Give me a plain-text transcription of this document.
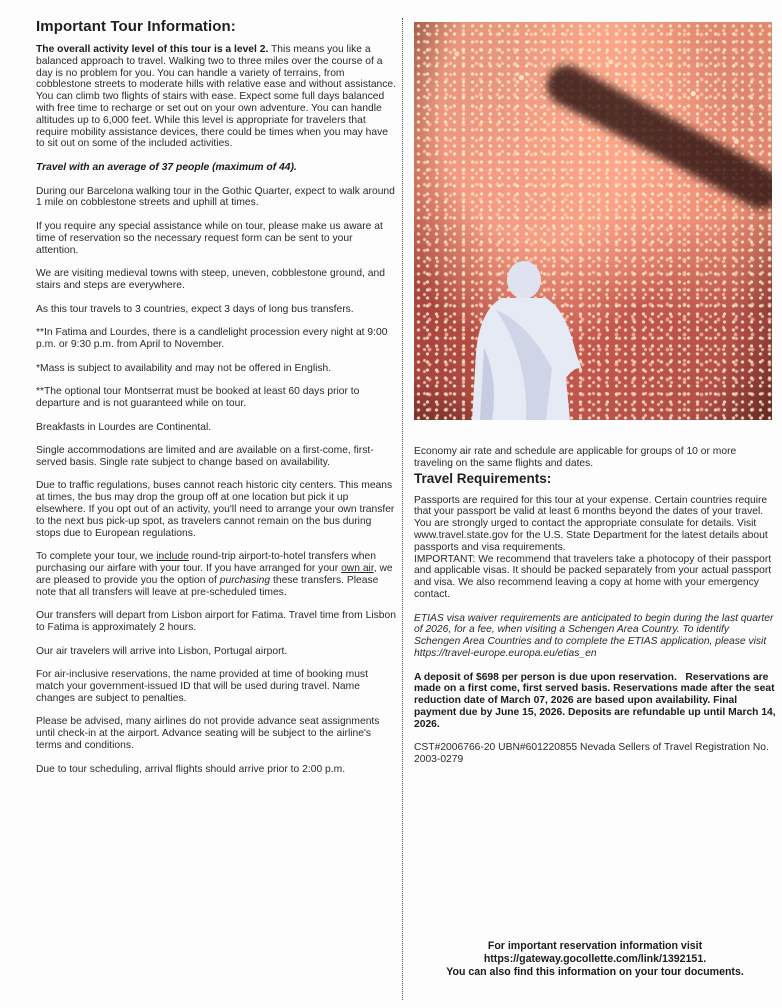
Important Tour Information:

The overall activity level of this tour is a level 2. This means you like a balanced approach to travel. Walking two to three miles over the course of a day is no problem for you. You can handle a variety of terrains, from cobblestone streets to moderate hills with relative ease and without assistance. You can climb two flights of stairs with ease. Expect some full days balanced with free time to recharge or set out on your own adventure. You can handle altitudes up to 6,000 feet. While this level is appropriate for travelers that require mobility assistance devices, there could be times when you may have to sit out on some of the included activities.

Travel with an average of 37 people (maximum of 44).

During our Barcelona walking tour in the Gothic Quarter, expect to walk around 1 mile on cobblestone streets and uphill at times.

If you require any special assistance while on tour, please make us aware at time of reservation so the necessary request form can be sent to your attention.

We are visiting medieval towns with steep, uneven, cobblestone ground, and stairs and steps are everywhere.

As this tour travels to 3 countries, expect 3 days of long bus transfers.

**In Fatima and Lourdes, there is a candlelight procession every night at 9:00 p.m. or 9:30 p.m. from April to November.

*Mass is subject to availability and may not be offered in English.

**The optional tour Montserrat must be booked at least 60 days prior to departure and is not guaranteed while on tour.

Breakfasts in Lourdes are Continental.

Single accommodations are limited and are available on a first-come, first-served basis. Single rate subject to change based on availability.

Due to traffic regulations, buses cannot reach historic city centers. This means at times, the bus may drop the group off at one location but pick it up elsewhere. If you opt out of an activity, you'll need to arrange your own transfer to the next bus pick-up spot, as travelers cannot remain on the bus during stops due to European regulations.

To complete your tour, we include round-trip airport-to-hotel transfers when purchasing our airfare with your tour. If you have arranged for your own air, we are pleased to provide you the option of purchasing these transfers. Please note that all transfers will leave at pre-scheduled times.

Our transfers will depart from Lisbon airport for Fatima. Travel time from Lisbon to Fatima is approximately 2 hours.

Our air travelers will arrive into Lisbon, Portugal airport.

For air-inclusive reservations, the name provided at time of booking must match your government-issued ID that will be used during travel. Name changes are subject to penalties.

Please be advised, many airlines do not provide advance seat assignments until check-in at the airport. Advance seating will be subject to the airline's terms and conditions.

Due to tour scheduling, arrival flights should arrive prior to 2:00 p.m.

Economy air rate and schedule are applicable for groups of 10 or more traveling on the same flights and dates.

Travel Requirements:

Passports are required for this tour at your expense. Certain countries require that your passport be valid at least 6 months beyond the dates of your travel. You are strongly urged to contact the appropriate consulate for details. Visit www.travel.state.gov for the U.S. State Department for the latest details about passports and visa requirements.

IMPORTANT: We recommend that travelers take a photocopy of their passport and applicable visas. It should be packed separately from your actual passport and visa. We also recommend leaving a copy at home with your emergency contact.

ETIAS visa waiver requirements are anticipated to begin during the last quarter of 2026, for a fee, when visiting a Schengen Area Country. To identify Schengen Area Countries and to complete the ETIAS application, please visit https://travel-europe.europa.eu/etias_en

A deposit of $698 per person is due upon reservation.   Reservations are made on a first come, first served basis. Reservations made after the seat reduction date of March 07, 2026 are based upon availability. Final payment due by June 15, 2026. Deposits are refundable up until March 14, 2026.

CST#2006766-20 UBN#601220855 Nevada Sellers of Travel Registration No. 2003-0279

For important reservation information visit
https://gateway.gocollette.com/link/1392151.
You can also find this information on your tour documents.
